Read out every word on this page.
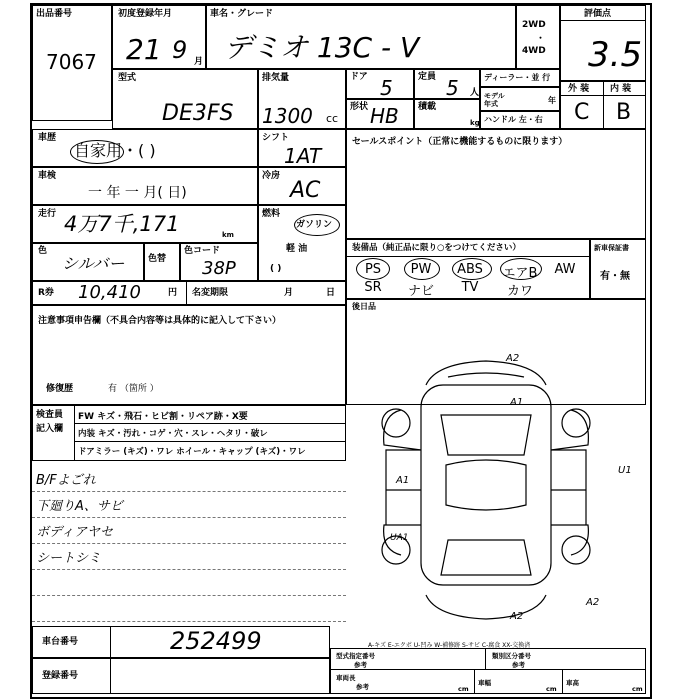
出品番号
7067
初度登録年月
21 9 月
車名・グレード
デミオ 13C - V
2WD
・
4WD
評価点
3.5
型式
DE3FS
排気量
1300 cc
ドア 5	定員 5 人
ディーラー・並 行
形状 HB 積載
kg
モデル年式	年
ハンドル 左・右
外 装 内 装
C B
車歴
自家用・( )
シフト
1AT
セールスポイント（正常に機能するものに限ります）
車検
一 年 一 月( 日)
冷房
AC
走行 4万7千,171	km
燃料
ガソリン
軽 油
( )
色
シルバー	色替
色コード
38P
R券 10,410	円 名変期限	月	日
装備品（純正品に限り○をつけてください）
PS	PW	ABS	エアB	AW
SR	ナビ	TV	カワ
新車保証書
有・無
後日品
注意事項申告欄（不具合内容等は具体的に記入して下さい）
修復歴	有 （箇所 ）
検査員
記入欄
FW キズ・飛石・ヒビ割・リペア跡・X要
内装 キズ・汚れ・コゲ・穴・スレ・ヘタリ・破レ
ドアミラー (キズ)・ワレ ホイール・キャップ (キズ)・ワレ
B/Fよごれ
下廻りA、サビ
ボディアヤセ
シートシミ
A2
A1
U1
A1
UA1
A2
A2
A-キズ E-エクボ U-凹み W-補修跡 S-サビ C-腐食 XX-交換済
車台番号	252499
登録番号
型式指定番号
参考
類別区分番号
参考
車両長
参考	cm
車幅
cm
車高
cm
